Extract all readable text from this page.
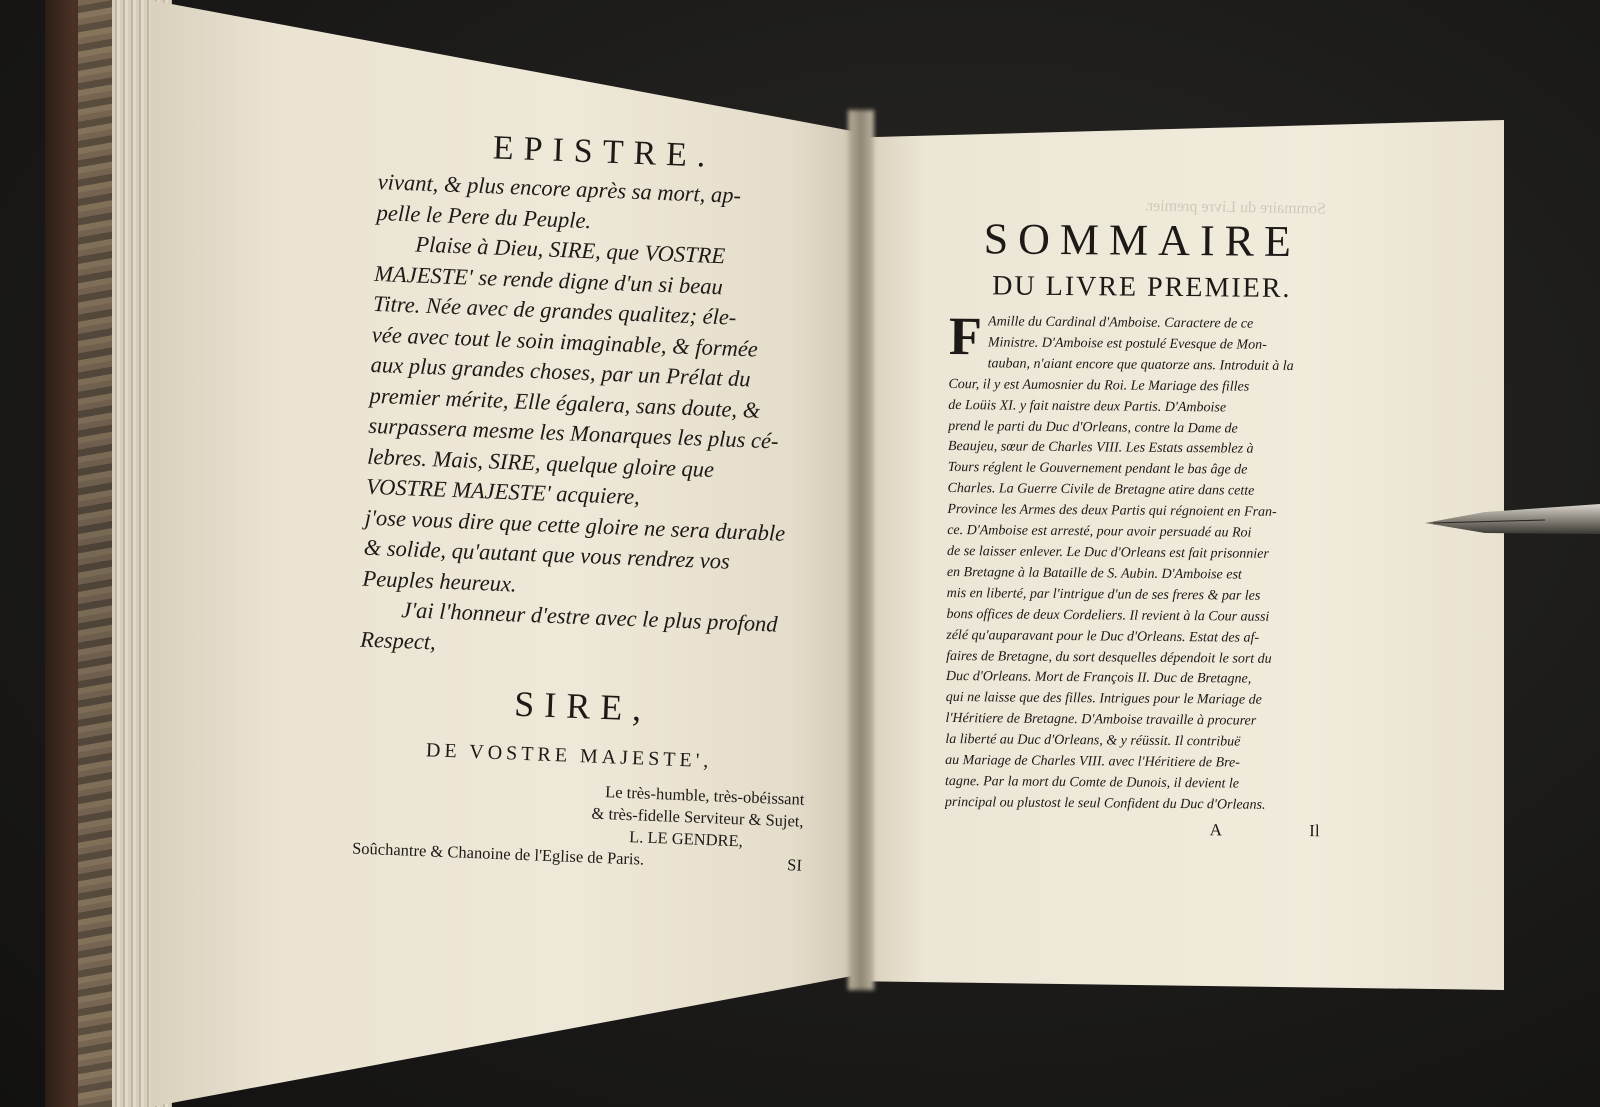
Sommaire du Livre premier.

EPISTRE.

vivant, & plus encore après sa mort, ap-

pelle le Pere du Peuple.

Plaise à Dieu, SIRE, que VOSTRE

MAJESTE' se rende digne d'un si beau

Titre. Née avec de grandes qualitez; éle-

vée avec tout le soin imaginable, & formée

aux plus grandes choses, par un Prélat du

premier mérite, Elle égalera, sans doute, &

surpassera mesme les Monarques les plus cé-

lebres. Mais, SIRE, quelque gloire que

VOSTRE MAJESTE' acquiere,

j'ose vous dire que cette gloire ne sera durable

& solide, qu'autant que vous rendrez vos

Peuples heureux.

J'ai l'honneur d'estre avec le plus profond

Respect,

SIRE,

DE VOSTRE MAJESTE',

Le très-humble, très-obéissant

& très-fidelle Serviteur & Sujet,

L. LE GENDRE,

Soûchantre & Chanoine de l'Eglise de Paris.	SI

SOMMAIRE

DU LIVRE PREMIER.

F Amille du Cardinal d'Amboise. Caractere de ce
Ministre. D'Amboise est postulé Evesque de Mon-
tauban, n'aiant encore que quatorze ans. Introduit à la
Cour, il y est Aumosnier du Roi. Le Mariage des filles
de Loüis XI. y fait naistre deux Partis. D'Amboise
prend le parti du Duc d'Orleans, contre la Dame de
Beaujeu, sœur de Charles VIII. Les Estats assemblez à
Tours réglent le Gouvernement pendant le bas âge de
Charles. La Guerre Civile de Bretagne atire dans cette
Province les Armes des deux Partis qui régnoient en Fran-
ce. D'Amboise est arresté, pour avoir persuadé au Roi
de se laisser enlever. Le Duc d'Orleans est fait prisonnier
en Bretagne à la Bataille de S. Aubin. D'Amboise est
mis en liberté, par l'intrigue d'un de ses freres & par les
bons offices de deux Cordeliers. Il revient à la Cour aussi
zélé qu'auparavant pour le Duc d'Orleans. Estat des af-
faires de Bretagne, du sort desquelles dépendoit le sort du
Duc d'Orleans. Mort de François II. Duc de Bretagne,
qui ne laisse que des filles. Intrigues pour le Mariage de
l'Héritiere de Bretagne. D'Amboise travaille à procurer
la liberté au Duc d'Orleans, & y réüssit. Il contribuë
au Mariage de Charles VIII. avec l'Héritiere de Bre-
tagne. Par la mort du Comte de Dunois, il devient le
principal ou plustost le seul Confident du Duc d'Orleans.
A	Il
